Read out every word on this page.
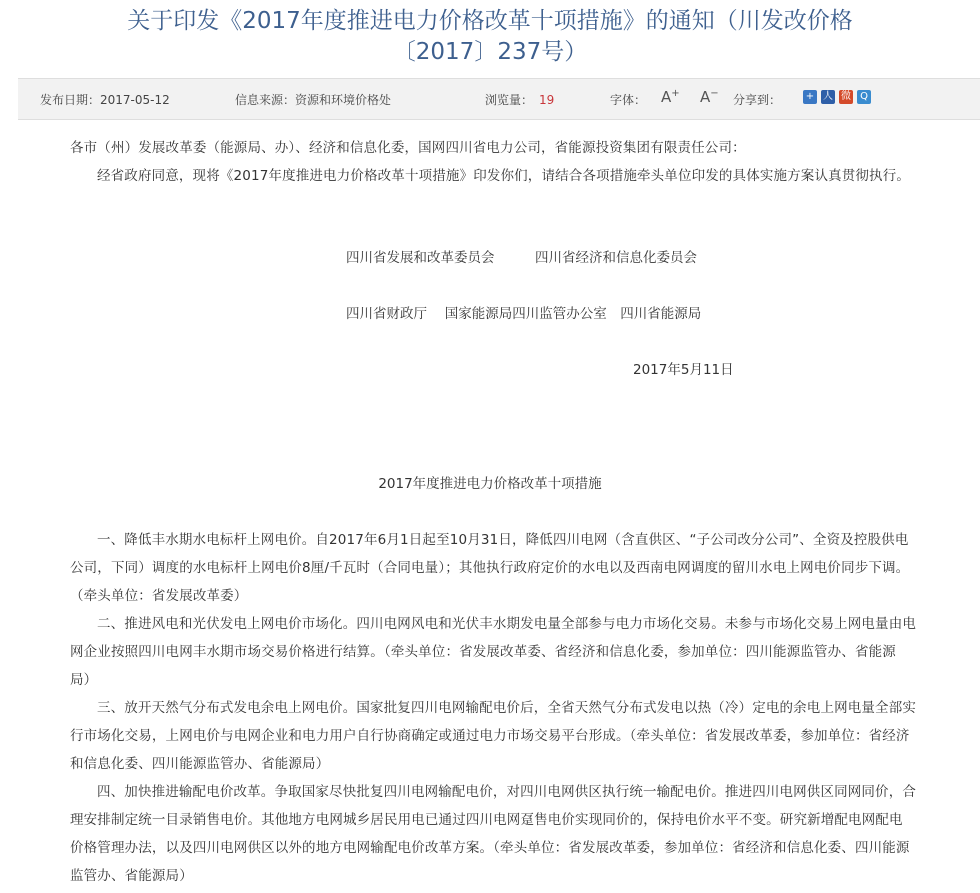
关于印发《2017年度推进电力价格改革十项措施》的通知（川发改价格
〔2017〕237号）
发布日期：2017-05-12	信息来源：资源和环境价格处	浏览量： 19	字体： A+ A− 分享到： + 人 微 Q

各市（州）发展改革委（能源局、办）、经济和信息化委，国网四川省电力公司，省能源投资集团有限责任公司：

经省政府同意，现将《2017年度推进电力价格改革十项措施》印发你们，请结合各项措施牵头单位印发的具体实施方案认真贯彻执行。

四川省发展和改革委员会　　　四川省经济和信息化委员会
四川省财政厅　 国家能源局四川监管办公室　四川省能源局
2017年5月11日
2017年度推进电力价格改革十项措施

一、降低丰水期水电标杆上网电价。自2017年6月1日起至10月31日，降低四川电网（含直供区、“子公司改分公司”、全资及控股供电公司，下同）调度的水电标杆上网电价8厘/千瓦时（合同电量）；其他执行政府定价的水电以及西南电网调度的留川水电上网电价同步下调。（牵头单位：省发展改革委）

二、推进风电和光伏发电上网电价市场化。四川电网风电和光伏丰水期发电量全部参与电力市场化交易。未参与市场化交易上网电量由电网企业按照四川电网丰水期市场交易价格进行结算。（牵头单位：省发展改革委、省经济和信息化委，参加单位：四川能源监管办、省能源局）

三、放开天然气分布式发电余电上网电价。国家批复四川电网输配电价后，全省天然气分布式发电以热（冷）定电的余电上网电量全部实行市场化交易，上网电价与电网企业和电力用户自行协商确定或通过电力市场交易平台形成。（牵头单位：省发展改革委，参加单位：省经济和信息化委、四川能源监管办、省能源局）

四、加快推进输配电价改革。争取国家尽快批复四川电网输配电价，对四川电网供区执行统一输配电价。推进四川电网供区同网同价，合理安排制定统一目录销售电价。其他地方电网城乡居民用电已通过四川电网趸售电价实现同价的，保持电价水平不变。研究新增配电网配电价格管理办法，以及四川电网供区以外的地方电网输配电价改革方案。（牵头单位：省发展改革委，参加单位：省经济和信息化委、四川能源监管办、省能源局）
